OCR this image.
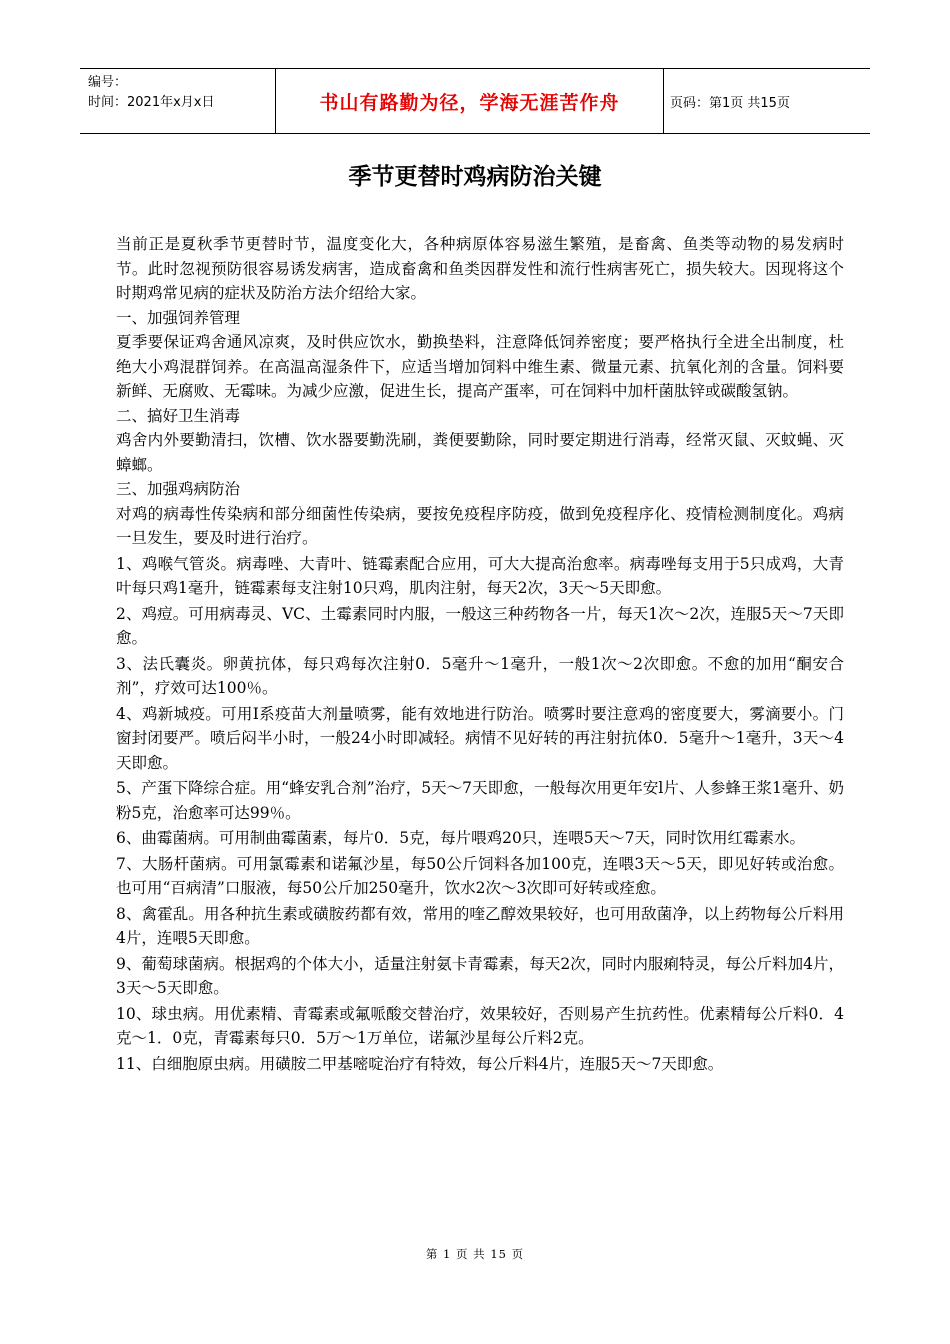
编号：
时间：2021年x月x日	书山有路勤为径，学海无涯苦作舟	页码：第1页 共15页
季节更替时鸡病防治关键

当前正是夏秋季节更替时节，温度变化大，各种病原体容易滋生繁殖，是畜禽、鱼类等动物的易发病时节。此时忽视预防很容易诱发病害，造成畜禽和鱼类因群发性和流行性病害死亡，损失较大。因现将这个时期鸡常见病的症状及防治方法介绍给大家。

一、加强饲养管理

夏季要保证鸡舍通风凉爽，及时供应饮水，勤换垫料，注意降低饲养密度；要严格执行全进全出制度，杜绝大小鸡混群饲养。在高温高湿条件下，应适当增加饲料中维生素、微量元素、抗氧化剂的含量。饲料要新鲜、无腐败、无霉味。为减少应激，促进生长，提高产蛋率，可在饲料中加杆菌肽锌或碳酸氢钠。

二、搞好卫生消毒

鸡舍内外要勤清扫，饮槽、饮水器要勤洗刷，粪便要勤除，同时要定期进行消毒，经常灭鼠、灭蚊蝇、灭蟑螂。

三、加强鸡病防治

对鸡的病毒性传染病和部分细菌性传染病，要按免疫程序防疫，做到免疫程序化、疫情检测制度化。鸡病一旦发生，要及时进行治疗。

1、鸡喉气管炎。病毒唑、大青叶、链霉素配合应用，可大大提高治愈率。病毒唑每支用于5只成鸡，大青叶每只鸡1毫升，链霉素每支注射10只鸡，肌肉注射，每天2次，3天～5天即愈。

2、鸡痘。可用病毒灵、VC、土霉素同时内服，一般这三种药物各一片，每天1次～2次，连服5天～7天即愈。

3、法氏囊炎。卵黄抗体，每只鸡每次注射0．5毫升～1毫升，一般1次～2次即愈。不愈的加用“酮安合剂”，疗效可达100％。

4、鸡新城疫。可用Ⅰ系疫苗大剂量喷雾，能有效地进行防治。喷雾时要注意鸡的密度要大，雾滴要小。门窗封闭要严。喷后闷半小时，一般24小时即减轻。病情不见好转的再注射抗体0．5毫升～1毫升，3天～4天即愈。

5、产蛋下降综合症。用“蜂安乳合剂”治疗，5天～7天即愈，一般每次用更年安l片、人参蜂王浆1毫升、奶粉5克，治愈率可达99％。

6、曲霉菌病。可用制曲霉菌素，每片0．5克，每片喂鸡20只，连喂5天～7天，同时饮用红霉素水。

7、大肠杆菌病。可用氯霉素和诺氟沙星，每50公斤饲料各加100克，连喂3天～5天，即见好转或治愈。也可用“百病清”口服液，每50公斤加250毫升，饮水2次～3次即可好转或痊愈。

8、禽霍乱。用各种抗生素或磺胺药都有效，常用的喹乙醇效果较好，也可用敌菌净，以上药物每公斤料用4片，连喂5天即愈。

9、葡萄球菌病。根据鸡的个体大小，适量注射氨卡青霉素，每天2次，同时内服痢特灵，每公斤料加4片，3天～5天即愈。

10、球虫病。用优素精、青霉素或氟哌酸交替治疗，效果较好，否则易产生抗药性。优素精每公斤料0．4克～1．0克，青霉素每只0．5万～1万单位，诺氟沙星每公斤料2克。

11、白细胞原虫病。用磺胺二甲基嘧啶治疗有特效，每公斤料4片，连服5天～7天即愈。

第 1 页 共 15 页
